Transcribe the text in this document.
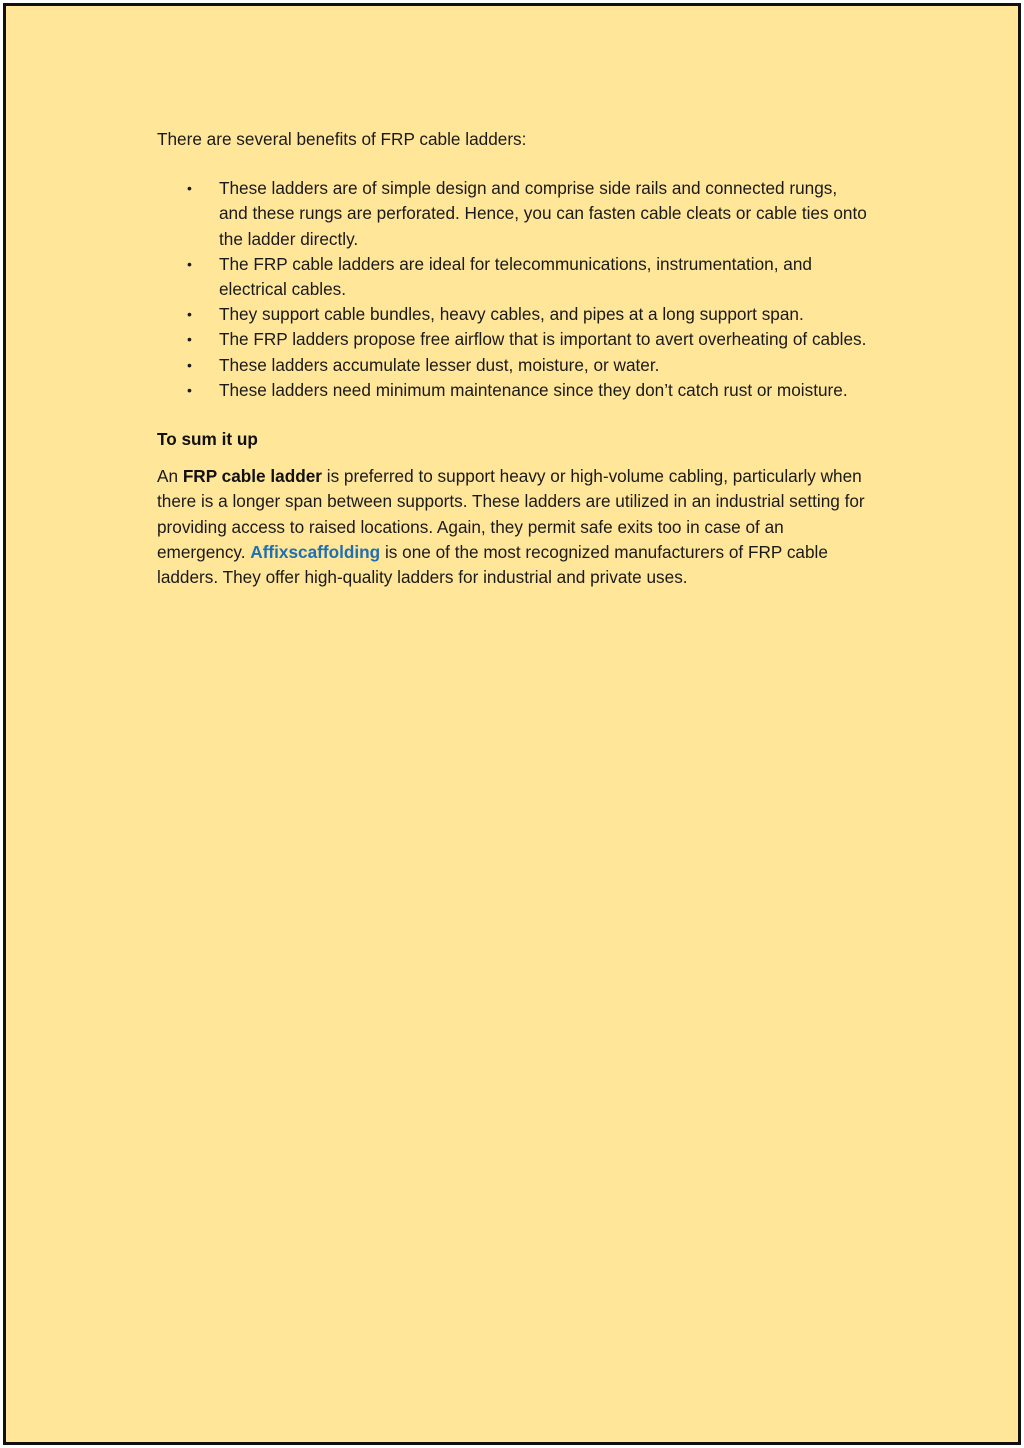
There are several benefits of FRP cable ladders:

• These ladders are of simple design and comprise side rails and connected rungs, and these rungs are perforated. Hence, you can fasten cable cleats or cable ties onto the ladder directly.
• The FRP cable ladders are ideal for telecommunications, instrumentation, and electrical cables.
• They support cable bundles, heavy cables, and pipes at a long support span.
• The FRP ladders propose free airflow that is important to avert overheating of cables.
• These ladders accumulate lesser dust, moisture, or water.
• These ladders need minimum maintenance since they don’t catch rust or moisture.

To sum it up

An FRP cable ladder is preferred to support heavy or high-volume cabling, particularly when there is a longer span between supports. These ladders are utilized in an industrial setting for providing access to raised locations. Again, they permit safe exits too in case of an emergency. Affixscaffolding is one of the most recognized manufacturers of FRP cable ladders. They offer high-quality ladders for industrial and private uses.
